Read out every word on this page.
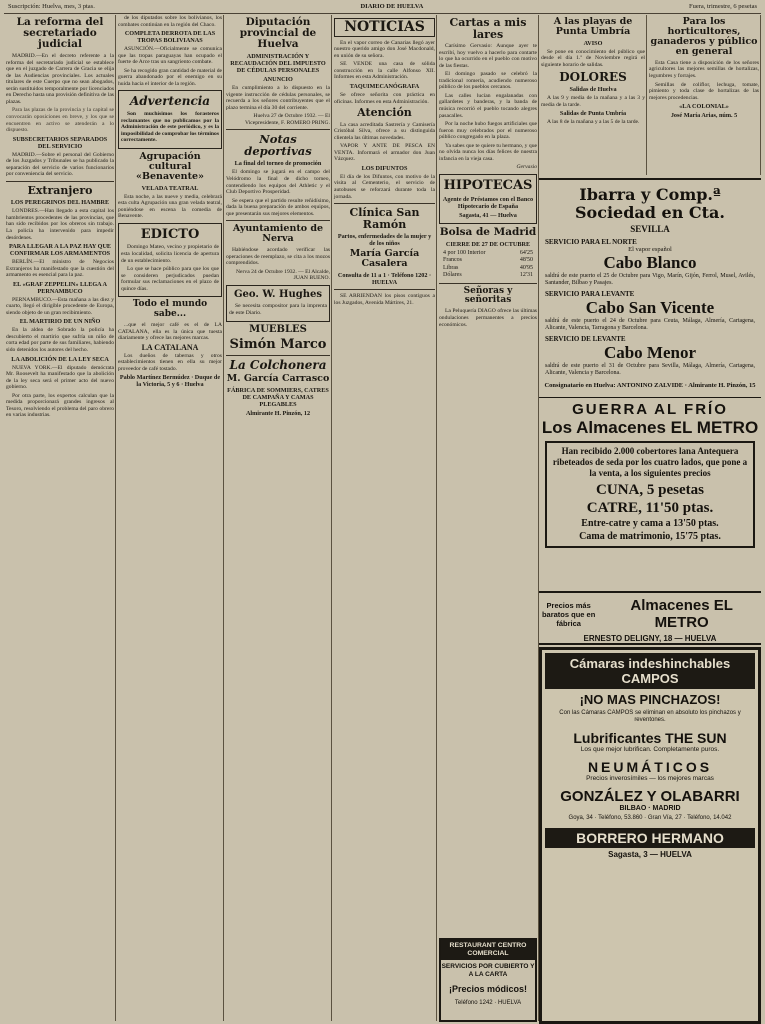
Suscripción: Huelva, mes, 3 ptas.	DIARIO DE HUELVA	Fuera, trimestre, 6 pesetas
La reforma del secretariado judicial
MADRID.—En el decreto referente a la reforma del secretariado judicial se establece que en el juzgado de Carrera de Gracia se elija de las Audiencias provinciales. Los actuales titulares de este Cuerpo que no sean abogados, serán sustituidos temporalmente por licenciados en Derecho hasta una provisión definitiva de las plazas.
Para las plazas de la provincia y la capital se convocarán oposiciones en breve, y los que se encuentren en activo se atenderán a lo dispuesto.
SUBSECRETARIOS SEPARADOS DEL SERVICIO
MADRID.—Sobre el personal del Gobierno de los Juzgados y Tribunales se ha publicado la separación del servicio de varios funcionarios por conveniencia del servicio.
Extranjero
LOS PEREGRINOS DEL HAMBRE
LONDRES.—Han llegado a esta capital los hambrientos procedentes de las provincias, que han sido recibidos por los obreros sin trabajo. La policía ha intervenido para impedir desórdenes.
PARA LLEGAR A LA PAZ HAY QUE CONFIRMAR LOS ARMAMENTOS
BERLÍN.—El ministro de Negocios Extranjeros ha manifestado que la cuestión del armamento es esencial para la paz.
EL «GRAF ZEPPELIN» LLEGA A PERNAMBUCO
PERNAMBUCO.—Esta mañana a las diez y cuarto, llegó el dirigible procedente de Europa, siendo objeto de un gran recibimiento.
EL MARTIRIO DE UN NIÑO
En la aldea de Sobrado la policía ha descubierto el martirio que sufría un niño de corta edad por parte de sus familiares, habiendo sido detenidos los autores del hecho.
LA ABOLICIÓN DE LA LEY SECA
NUEVA YORK.—El diputado demócrata Mr. Roosevelt ha manifestado que la abolición de la ley seca será el primer acto del nuevo gobierno.
Por otra parte, los expertos calculan que la medida proporcionará grandes ingresos al Tesoro, resolviendo el problema del paro obrero en varias industrias.
de los diputados sobre los bolivianos, los combates continúan en la región del Chaco.
COMPLETA DERROTA DE LAS TROPAS BOLIVIANAS
ASUNCIÓN.—Oficialmente se comunica que las tropas paraguayas han ocupado el fuerte de Arce tras un sangriento combate.
Se ha recogido gran cantidad de material de guerra abandonado por el enemigo en su huida hacia el interior de la región.
Advertencia
Son muchísimos los forasteros reclamantes que no publicamos por la Administración de este periódico, y es la imposibilidad de comprobar los términos correctamente.
Agrupación cultural «Benavente»
VELADA TEATRAL
Esta noche, a las nueve y media, celebrará esta culta Agrupación una gran velada teatral, poniéndose en escena la comedia de Benavente.
EDICTO
Domingo Mateo, vecino y propietario de esta localidad, solicita licencia de apertura de un establecimiento.
Lo que se hace público para que los que se consideren perjudicados puedan formular sus reclamaciones en el plazo de quince días.
Todo el mundo sabe...
...que el mejor café es el de LA CATALANA, ella es la única que tuesta diariamente y ofrece las mejores marcas.
LA CATALANA
Los dueños de tabernas y otros establecimientos tienen en ella su mejor proveedor de café tostado.
Pablo Martínez Bermúdez · Duque de la Victoria, 5 y 6 · Huelva
Diputación provincial de Huelva
ADMINISTRACIÓN Y RECAUDACIÓN DEL IMPUESTO DE CÉDULAS PERSONALES
ANUNCIO
En cumplimiento a lo dispuesto en la vigente instrucción de cédulas personales, se recuerda a los señores contribuyentes que el plazo termina el día 30 del corriente.
Huelva 27 de Octubre 1932. — El Vicepresidente, F. ROMERO PRING.
Notas deportivas
La final del torneo de promoción
El domingo se jugará en el campo del Velódromo la final de dicho torneo, contendiendo los equipos del Athletic y el Club Deportivo Prosperidad.
Se espera que el partido resulte reñidísimo, dada la buena preparación de ambos equipos, que presentarán sus mejores elementos.
Ayuntamiento de Nerva
Habiéndose acordado verificar las operaciones de reemplazo, se cita a los mozos comprendidos.
Nerva 24 de Octubre 1932. — El Alcalde, JUAN BUENO.
Geo. W. Hughes
Se necesita compositor para la imprenta de este Diario.
MUEBLES
Simón Marco
La Colchonera
M. García Carrasco
FÁBRICA DE SOMMIERS, CATRES DE CAMPAÑA Y CAMAS PLEGABLES
Almirante H. Pinzón, 12
NOTICIAS
En el vapor correo de Canarias llegó ayer nuestro querido amigo don José Macdonald, en unión de su señora.
SE VENDE una casa de sólida construcción en la calle Alfonso XII. Informes en esta Administración.
TAQUIMECANÓGRAFA
Se ofrece señorita con práctica en oficinas. Informes en esta Administración.
Atención
La casa acreditada Sastrería y Camisería Cristóbal Silva, ofrece a su distinguida clientela las últimas novedades.
VAPOR Y ANTE DE PESCA EN VENTA. Informará el armador don Juan Vázquez.
LOS DIFUNTOS
El día de los Difuntos, con motivo de la visita al Cementerio, el servicio de autobuses se reforzará durante toda la jornada.
Clínica San Ramón
Partos, enfermedades de la mujer y de los niños
María García Casalera
Consulta de 11 a 1 · Teléfono 1202 · HUELVA
SE ARRIENDAN los pisos contiguos a los Juzgados, Avenida Mártires, 21.
Cartas a mis lares
Carísimo Gervasio: Aunque ayer te escribí, hoy vuelvo a hacerlo para contarte lo que ha ocurrido en el pueblo con motivo de las fiestas.
El domingo pasado se celebró la tradicional romería, acudiendo numeroso público de los pueblos cercanos.
Las calles lucían engalanadas con gallardetes y banderas, y la banda de música recorrió el pueblo tocando alegres pasacalles.
Por la noche hubo fuegos artificiales que fueron muy celebrados por el numeroso público congregado en la plaza.
Ya sabes que te quiere tu hermano, y que no olvida nunca los días felices de nuestra infancia en la vieja casa.
Gervasio
HIPOTECAS
Agente de Préstamos con el Banco Hipotecario de España
Sagasta, 41 — Huelva
Bolsa de Madrid
CIERRE DE 27 DE OCTUBRE
4 por 100 Interior	64'25
Francos	48'50
Libras	40'95
Dólares	12'31
Señoras y señoritas
La Peluquería DIAGO ofrece las últimas ondulaciones permanentes a precios económicos.
A las playas de Punta Umbría
AVISO
Se pone en conocimiento del público que desde el día 1.º de Noviembre regirá el siguiente horario de salidas.
DOLORES
Salidas de Huelva
A las 9 y media de la mañana y a las 3 y media de la tarde.
Salidas de Punta Umbría
A las 8 de la mañana y a las 5 de la tarde.
Para los horticultores, ganaderos y público en general
Esta Casa tiene a disposición de los señores agricultores las mejores semillas de hortalizas, legumbres y forrajes.
Semillas de coliflor, lechuga, tomate, pimiento y toda clase de hortalizas de las mejores procedencias.
«LA COLONIAL»
José María Arias, núm. 5
Ibarra y Comp.ª Sociedad en Cta.
SEVILLA
SERVICIO PARA EL NORTE
El vapor español
Cabo Blanco
saldrá de este puerto el 25 de Octubre para Vigo, Marín, Gijón, Ferrol, Musel, Avilés, Santander, Bilbao y Pasajes.
SERVICIO PARA LEVANTE
Cabo San Vicente
saldrá de este puerto el 24 de Octubre para Ceuta, Málaga, Almería, Cartagena, Alicante, Valencia, Tarragona y Barcelona.
SERVICIO DE LEVANTE
Cabo Menor
saldrá de este puerto el 31 de Octubre para Sevilla, Málaga, Almería, Cartagena, Alicante, Valencia y Barcelona.
Consignatario en Huelva: ANTONINO ZALVIDE · Almirante H. Pinzón, 15
GUERRA AL FRÍO
Los Almacenes EL METRO
Han recibido 2.000 cobertores lana Antequera ribeteados de seda por los cuatro lados, que pone a la venta, a los siguientes precios
CUNA, 5 pesetas
CATRE, 11'50 ptas.
Entre-catre y cama a 13'50 ptas.
Cama de matrimonio, 15'75 ptas.
Precios más baratos que en fábrica
Almacenes EL METRO
ERNESTO DELIGNY, 18 — HUELVA
Cámaras indeshinchables CAMPOS
¡NO MAS PINCHAZOS!
Con las Cámaras CAMPOS se eliminan en absoluto los pinchazos y reventones.
Lubrificantes THE SUN
Los que mejor lubrifican. Completamente puros.
NEUMÁTICOS
Precios inverosímiles — los mejores marcas
GONZÁLEZ Y OLABARRI
BILBAO · MADRID
Goya, 34 · Teléfono, 53.860 · Gran Vía, 27 · Teléfono, 14.042
BORRERO HERMANO
Sagasta, 3 — HUELVA
RESTAURANT CENTRO COMERCIAL
SERVICIOS POR CUBIERTO Y A LA CARTA
¡Precios módicos!
Teléfono 1242 · HUELVA
